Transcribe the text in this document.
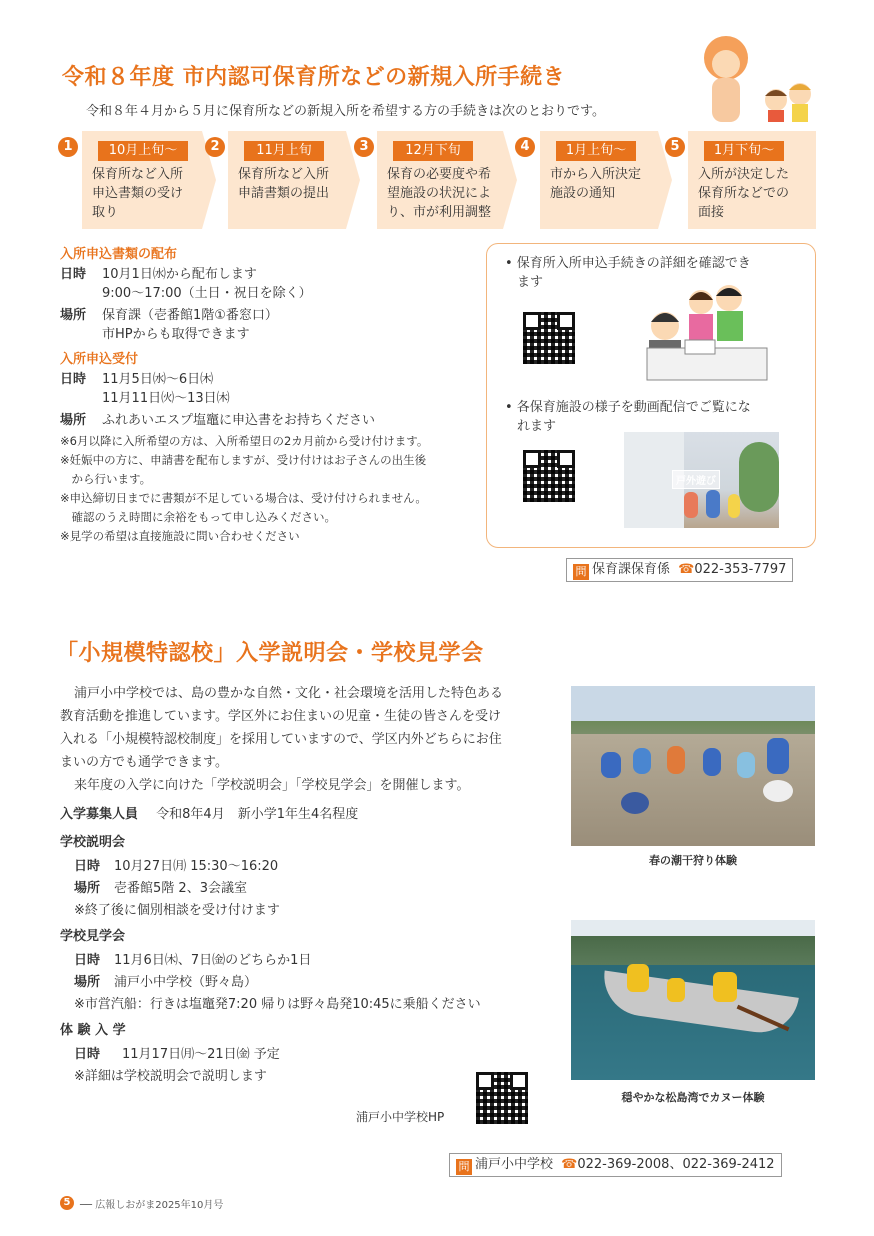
令和８年度 市内認可保育所などの新規入所手続き
令和８年４月から５月に保育所などの新規入所を希望する方の手続きは次のとおりです。
10月上旬～
保育所など入所
申込書類の受け
取り
1	11月上旬
保育所など入所
申請書類の提出
2	12月下旬
保育の必要度や希
望施設の状況によ
り、市が利用調整
3	1月上旬～
市から入所決定
施設の通知
4	1月下旬～
入所が決定した
保育所などでの
面接
5
入所申込書類の配布
日時	10月1日㈬から配布します
9:00～17:00（土日・祝日を除く）
場所	保育課（壱番館1階①番窓口）
市HPからも取得できます
入所申込受付
日時	11月5日㈬～6日㈭
11月11日㈫～13日㈭
場所	ふれあいエスプ塩竈に申込書をお持ちください
※6月以降に入所希望の方は、入所希望日の2カ月前から受け付けます。
※妊娠中の方に、申請書を配布しますが、受け付けはお子さんの出生後
　から行います。
※申込締切日までに書類が不足している場合は、受け付けられません。
　確認のうえ時間に余裕をもって申し込みください。
※見学の希望は直接施設に問い合わせください
• 保育所入所申込手続きの詳細を確認でき
ます
• 各保育施設の様子を動画配信でご覧にな
れます
戸外遊び
問 保育課保育係 ☎022-353-7797
「小規模特認校」入学説明会・学校見学会
浦戸小中学校では、島の豊かな自然・文化・社会環境を活用した特色ある
教育活動を推進しています。学区外にお住まいの児童・生徒の皆さんを受け
入れる「小規模特認校制度」を採用していますので、学区内外どちらにお住
まいの方でも通学できます。
来年度の入学に向けた「学校説明会」「学校見学会」を開催します。
入学募集人員 令和8年4月　新小学1年生4名程度
学校説明会
日時 10月27日㈪ 15:30～16:20
場所 壱番館5階 2、3会議室
※終了後に個別相談を受け付けます
学校見学会
日時 11月6日㈭、7日㈮のどちらか1日
場所 浦戸小中学校（野々島）
※市営汽船：行きは塩竈発7:20 帰りは野々島発10:45に乗船ください
体 験 入 学
日時 11月17日㈪～21日㈮ 予定
※詳細は学校説明会で説明します
浦戸小中学校HP
春の潮干狩り体験
穏やかな松島湾でカヌー体験
問 浦戸小中学校 ☎022-369-2008、022-369-2412
5 ── 広報しおがま2025年10月号
